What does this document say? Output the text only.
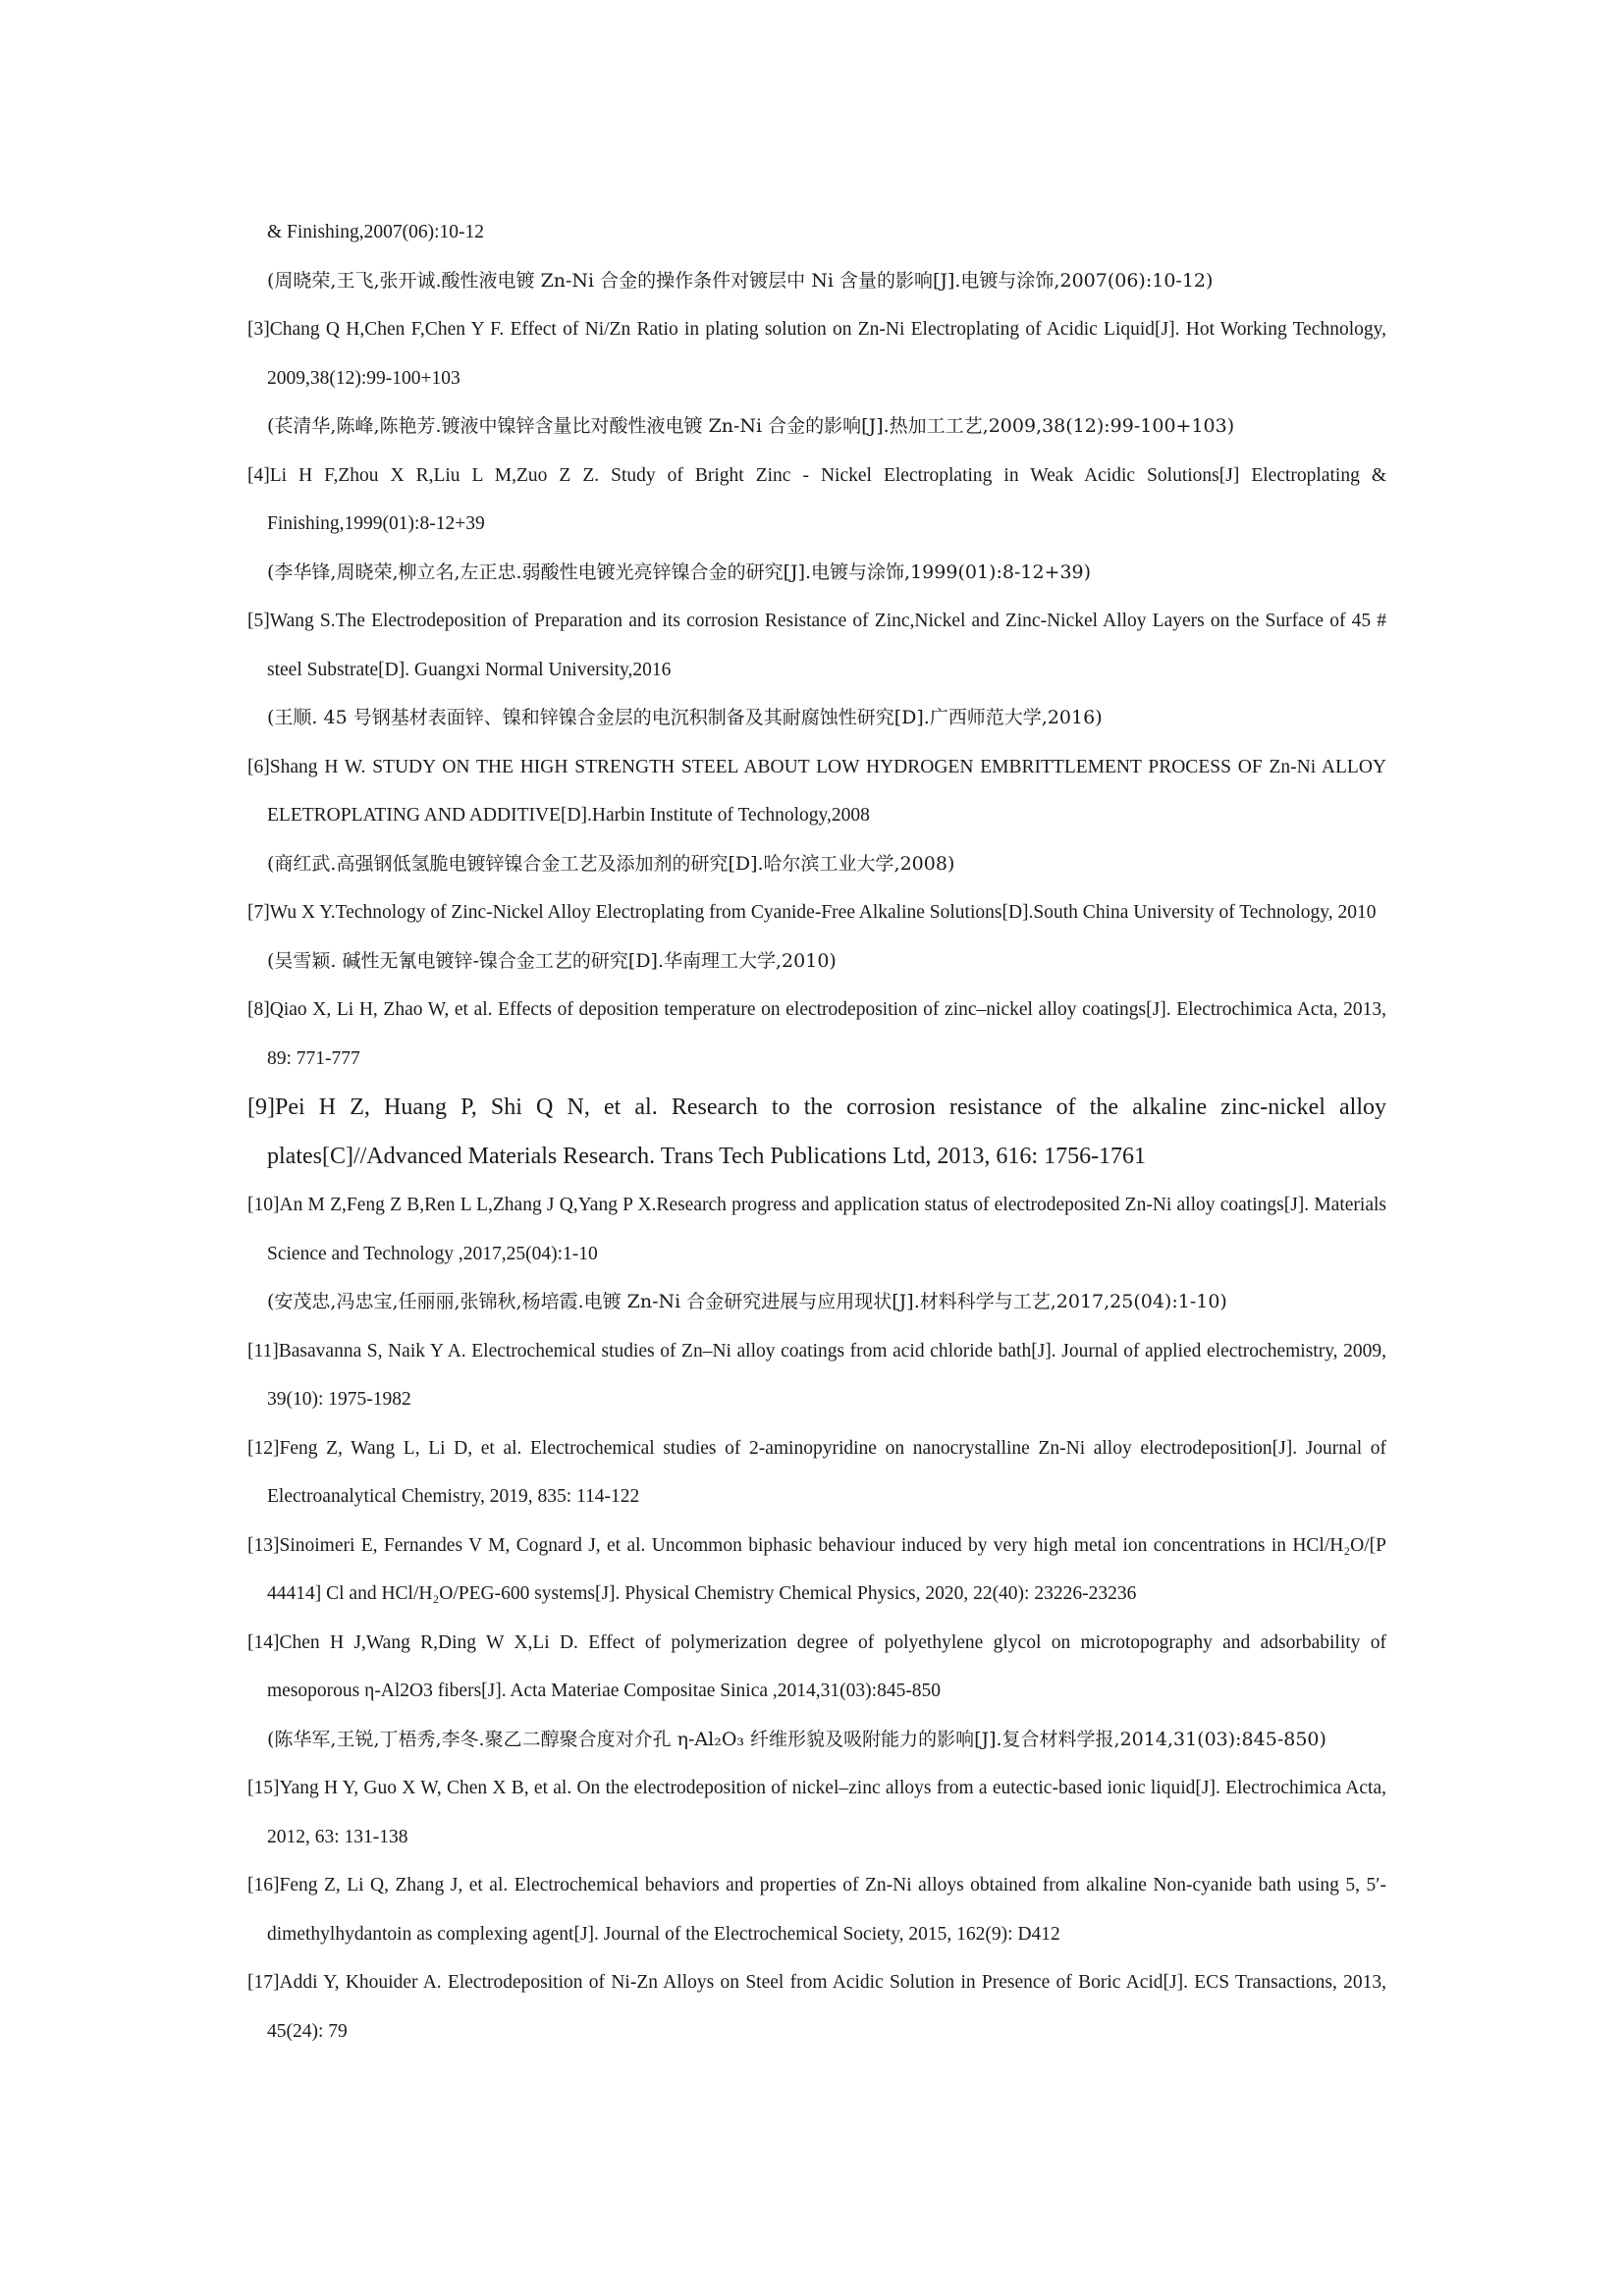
& Finishing,2007(06):10-12
(周晓荣,王飞,张开诚.酸性液电镀 Zn-Ni 合金的操作条件对镀层中 Ni 含量的影响[J].电镀与涂饰,2007(06):10-12)
[3]Chang Q H,Chen F,Chen Y F. Effect of Ni/Zn Ratio in plating solution on Zn-Ni Electroplating of Acidic Liquid[J]. Hot Working Technology, 2009,38(12):99-100+103
(苌清华,陈峰,陈艳芳.镀液中镍锌含量比对酸性液电镀 Zn-Ni 合金的影响[J].热加工工艺,2009,38(12):99-100+103)
[4]Li H F,Zhou X R,Liu L M,Zuo Z Z. Study of Bright Zinc - Nickel Electroplating in Weak Acidic Solutions[J] Electroplating & Finishing,1999(01):8-12+39
(李华锋,周晓荣,柳立名,左正忠.弱酸性电镀光亮锌镍合金的研究[J].电镀与涂饰,1999(01):8-12+39)
[5]Wang S.The Electrodeposition of Preparation and its corrosion Resistance of Zinc,Nickel and Zinc-Nickel Alloy Layers on the Surface of 45 # steel Substrate[D]. Guangxi Normal University,2016
(王顺. 45 号钢基材表面锌、镍和锌镍合金层的电沉积制备及其耐腐蚀性研究[D].广西师范大学,2016)
[6]Shang H W. STUDY ON THE HIGH STRENGTH STEEL ABOUT LOW HYDROGEN EMBRITTLEMENT PROCESS OF Zn-Ni ALLOY ELETROPLATING AND ADDITIVE[D].Harbin Institute of Technology,2008
(商红武.高强钢低氢脆电镀锌镍合金工艺及添加剂的研究[D].哈尔滨工业大学,2008)
[7]Wu X Y.Technology of Zinc-Nickel Alloy Electroplating from Cyanide-Free Alkaline Solutions[D].South China University of Technology, 2010
(吴雪颖. 碱性无氰电镀锌-镍合金工艺的研究[D].华南理工大学,2010)
[8]Qiao X, Li H, Zhao W, et al. Effects of deposition temperature on electrodeposition of zinc–nickel alloy coatings[J]. Electrochimica Acta, 2013, 89: 771-777
[9]Pei H Z, Huang P, Shi Q N, et al. Research to the corrosion resistance of the alkaline zinc-nickel alloy plates[C]//Advanced Materials Research. Trans Tech Publications Ltd, 2013, 616: 1756-1761
[10]An M Z,Feng Z B,Ren L L,Zhang J Q,Yang P X.Research progress and application status of electrodeposited Zn-Ni alloy coatings[J]. Materials Science and Technology ,2017,25(04):1-10
(安茂忠,冯忠宝,任丽丽,张锦秋,杨培霞.电镀 Zn-Ni 合金研究进展与应用现状[J].材料科学与工艺,2017,25(04):1-10)
[11]Basavanna S, Naik Y A. Electrochemical studies of Zn–Ni alloy coatings from acid chloride bath[J]. Journal of applied electrochemistry, 2009, 39(10): 1975-1982
[12]Feng Z, Wang L, Li D, et al. Electrochemical studies of 2-aminopyridine on nanocrystalline Zn-Ni alloy electrodeposition[J]. Journal of Electroanalytical Chemistry, 2019, 835: 114-122
[13]Sinoimeri E, Fernandes V M, Cognard J, et al. Uncommon biphasic behaviour induced by very high metal ion concentrations in HCl/H₂O/[P 44414] Cl and HCl/H₂O/PEG-600 systems[J]. Physical Chemistry Chemical Physics, 2020, 22(40): 23226-23236
[14]Chen H J,Wang R,Ding W X,Li D. Effect of polymerization degree of polyethylene glycol on microtopography and adsorbability of mesoporous η-Al2O3 fibers[J]. Acta Materiae Compositae Sinica ,2014,31(03):845-850
(陈华军,王锐,丁梧秀,李冬.聚乙二醇聚合度对介孔 η-Al₂O₃ 纤维形貌及吸附能力的影响[J].复合材料学报,2014,31(03):845-850)
[15]Yang H Y, Guo X W, Chen X B, et al. On the electrodeposition of nickel–zinc alloys from a eutectic-based ionic liquid[J]. Electrochimica Acta, 2012, 63: 131-138
[16]Feng Z, Li Q, Zhang J, et al. Electrochemical behaviors and properties of Zn-Ni alloys obtained from alkaline Non-cyanide bath using 5, 5′-dimethylhydantoin as complexing agent[J]. Journal of the Electrochemical Society, 2015, 162(9): D412
[17]Addi Y, Khouider A. Electrodeposition of Ni-Zn Alloys on Steel from Acidic Solution in Presence of Boric Acid[J]. ECS Transactions, 2013, 45(24): 79
